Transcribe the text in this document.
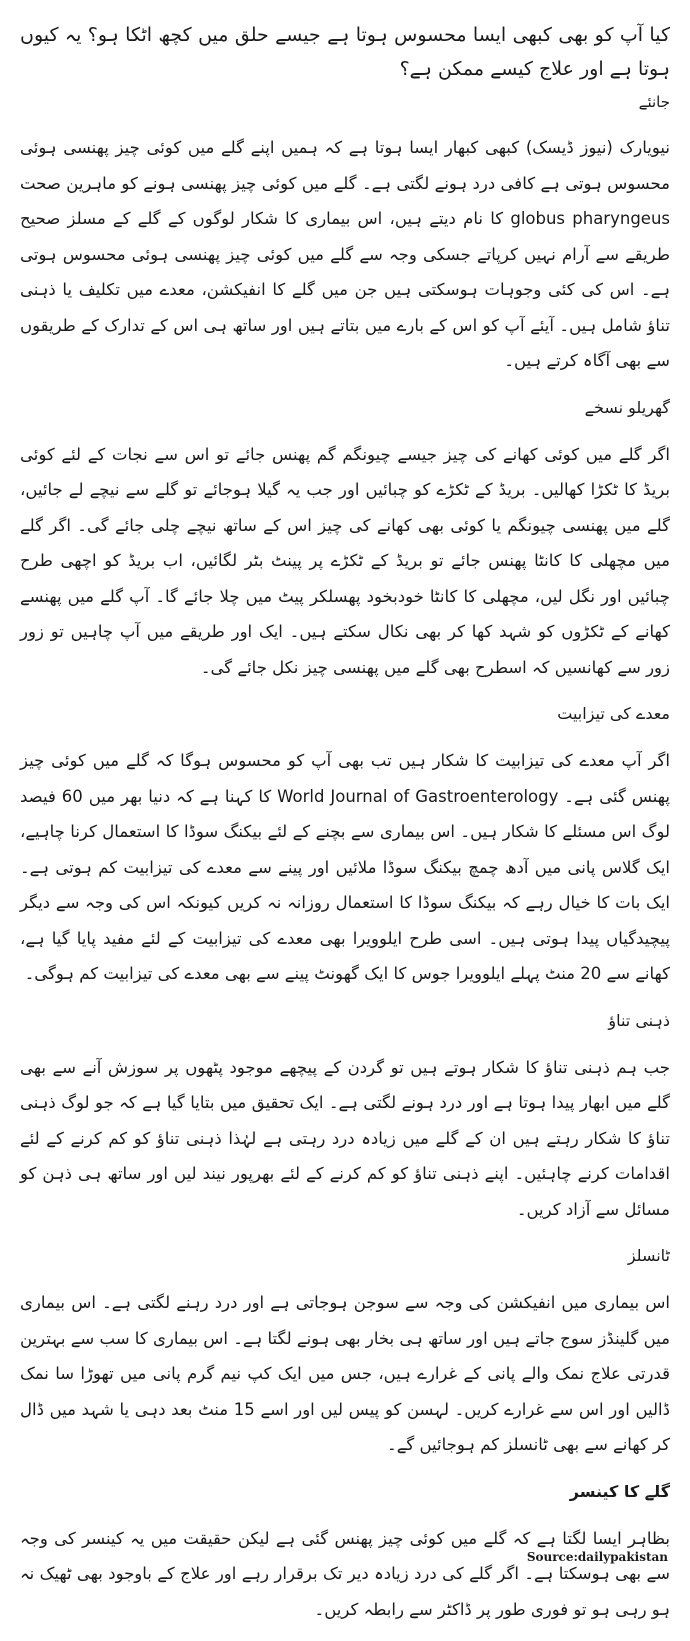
کیا آپ کو بھی کبھی ایسا محسوس ہوتا ہے جیسے حلق میں کچھ اٹکا ہو؟ یہ کیوں ہوتا ہے اور علاج کیسے ممکن ہے؟
جانئے

نیویارک (نیوز ڈیسک) کبھی کبھار ایسا ہوتا ہے کہ ہمیں اپنے گلے میں کوئی چیز پھنسی ہوئی محسوس ہوتی ہے کافی درد ہونے لگتی ہے۔ گلے میں کوئی چیز پھنسی ہونے کو ماہرین صحت globus pharyngeus کا نام دیتے ہیں، اس بیماری کا شکار لوگوں کے گلے کے مسلز صحیح طریقے سے آرام نہیں کرپاتے جسکی وجہ سے گلے میں کوئی چیز پھنسی ہوئی محسوس ہوتی ہے۔ اس کی کئی وجوہات ہوسکتی ہیں جن میں گلے کا انفیکشن، معدے میں تکلیف یا ذہنی تناؤ شامل ہیں۔ آیئے آپ کو اس کے بارے میں بتاتے ہیں اور ساتھ ہی اس کے تدارک کے طریقوں سے بھی آگاہ کرتے ہیں۔

گھریلو نسخے

اگر گلے میں کوئی کھانے کی چیز جیسے چیونگم گم پھنس جائے تو اس سے نجات کے لئے کوئی بریڈ کا ٹکڑا کھالیں۔ بریڈ کے ٹکڑے کو چبائیں اور جب یہ گیلا ہوجائے تو گلے سے نیچے لے جائیں، گلے میں پھنسی چیونگم یا کوئی بھی کھانے کی چیز اس کے ساتھ نیچے چلی جائے گی۔ اگر گلے میں مچھلی کا کانٹا پھنس جائے تو بریڈ کے ٹکڑے پر پینٹ بٹر لگائیں، اب بریڈ کو اچھی طرح چبائیں اور نگل لیں، مچھلی کا کانٹا خودبخود پھسلکر پیٹ میں چلا جائے گا۔ آپ گلے میں پھنسے کھانے کے ٹکڑوں کو شہد کھا کر بھی نکال سکتے ہیں۔ ایک اور طریقے میں آپ چاہیں تو زور زور سے کھانسیں کہ اسطرح بھی گلے میں پھنسی چیز نکل جائے گی۔

معدے کی تیزابیت

اگر آپ معدے کی تیزابیت کا شکار ہیں تب بھی آپ کو محسوس ہوگا کہ گلے میں کوئی چیز پھنس گئی ہے۔ World Journal of Gastroenterology کا کہنا ہے کہ دنیا بھر میں 60 فیصد لوگ اس مسئلے کا شکار ہیں۔ اس بیماری سے بچنے کے لئے بیکنگ سوڈا کا استعمال کرنا چاہیے، ایک گلاس پانی میں آدھ چمچ بیکنگ سوڈا ملائیں اور پینے سے معدے کی تیزابیت کم ہوتی ہے۔ ایک بات کا خیال رہے کہ بیکنگ سوڈا کا استعمال روزانہ نہ کریں کیونکہ اس کی وجہ سے دیگر پیچیدگیاں پیدا ہوتی ہیں۔ اسی طرح ایلوویرا بھی معدے کی تیزابیت کے لئے مفید پایا گیا ہے، کھانے سے 20 منٹ پہلے ایلوویرا جوس کا ایک گھونٹ پینے سے بھی معدے کی تیزابیت کم ہوگی۔

ذہنی تناؤ

جب ہم ذہنی تناؤ کا شکار ہوتے ہیں تو گردن کے پیچھے موجود پٹھوں پر سوزش آنے سے بھی گلے میں ابھار پیدا ہوتا ہے اور درد ہونے لگتی ہے۔ ایک تحقیق میں بتایا گیا ہے کہ جو لوگ ذہنی تناؤ کا شکار رہتے ہیں ان کے گلے میں زیادہ درد رہتی ہے لہٰذا ذہنی تناؤ کو کم کرنے کے لئے اقدامات کرنے چاہئیں۔ اپنے ذہنی تناؤ کو کم کرنے کے لئے بھرپور نیند لیں اور ساتھ ہی ذہن کو مسائل سے آزاد کریں۔

ٹانسلز

اس بیماری میں انفیکشن کی وجہ سے سوجن ہوجاتی ہے اور درد رہنے لگتی ہے۔ اس بیماری میں گلینڈز سوج جاتے ہیں اور ساتھ ہی بخار بھی ہونے لگتا ہے۔ اس بیماری کا سب سے بہترین قدرتی علاج نمک والے پانی کے غرارے ہیں، جس میں ایک کپ نیم گرم پانی میں تھوڑا سا نمک ڈالیں اور اس سے غرارے کریں۔ لہسن کو پیس لیں اور اسے 15 منٹ بعد دہی یا شہد میں ڈال کر کھانے سے بھی ٹانسلز کم ہوجائیں گے۔

گلے کا کینسر

بظاہر ایسا لگتا ہے کہ گلے میں کوئی چیز پھنس گئی ہے لیکن حقیقت میں یہ کینسر کی وجہ سے بھی ہوسکتا ہے۔ اگر گلے کی درد زیادہ دیر تک برقرار رہے اور علاج کے باوجود بھی ٹھیک نہ ہو رہی ہو تو فوری طور پر ڈاکٹر سے رابطہ کریں۔

Source:dailypakistan
